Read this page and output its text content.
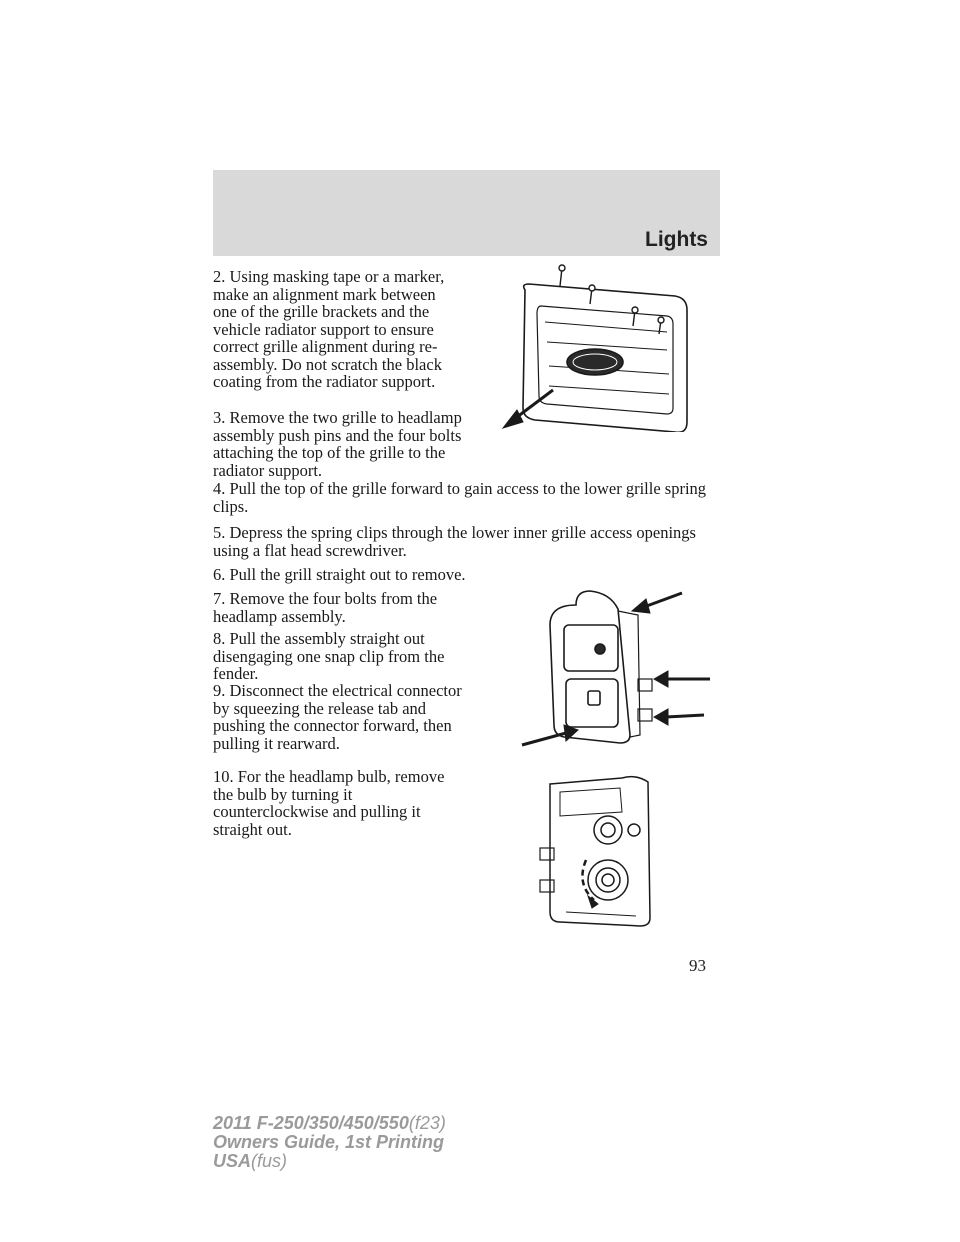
Lights

2. Using masking tape or a marker, make an alignment mark between one of the grille brackets and the vehicle radiator support to ensure correct grille alignment during re-assembly. Do not scratch the black coating from the radiator support.

3. Remove the two grille to headlamp assembly push pins and the four bolts attaching the top of the grille to the radiator support.

4. Pull the top of the grille forward to gain access to the lower grille spring clips.

5. Depress the spring clips through the lower inner grille access openings using a flat head screwdriver.

6. Pull the grill straight out to remove.

7. Remove the four bolts from the headlamp assembly.

8. Pull the assembly straight out disengaging one snap clip from the fender.

9. Disconnect the electrical connector by squeezing the release tab and pushing the connector forward, then pulling it rearward.

10. For the headlamp bulb, remove the bulb by turning it counterclockwise and pulling it straight out.

93
2011 F-250/350/450/550(f23)
Owners Guide, 1st Printing
USA(fus)
